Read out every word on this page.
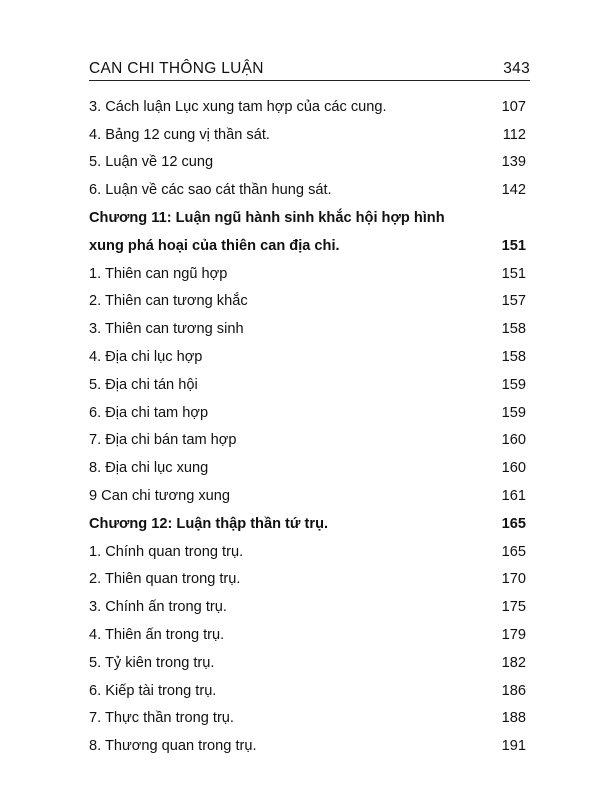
CAN CHI THÔNG LUẬN	343
3. Cách luận Lục xung tam hợp của các cung.	107
4. Bảng 12 cung vị thần sát.	112
5. Luận về 12 cung	139
6. Luận về các sao cát thần hung sát.	142
Chương 11: Luận ngũ hành sinh khắc hội hợp hình
xung phá hoại của thiên can địa chi.	151
1. Thiên can ngũ hợp	151
2. Thiên can tương khắc	157
3. Thiên can tương sinh	158
4. Địa chi lục hợp	158
5. Địa chi tán hội	159
6. Địa chi tam hợp	159
7. Địa chi bán tam hợp	160
8. Địa chi lục xung	160
9 Can chi tương xung	161
Chương 12: Luận thập thần tứ trụ.	165
1. Chính quan trong trụ.	165
2. Thiên quan trong trụ.	170
3. Chính ấn trong trụ.	175
4. Thiên ấn trong trụ.	179
5. Tỷ kiên trong trụ.	182
6. Kiếp tài trong trụ.	186
7. Thực thần trong trụ.	188
8. Thương quan trong trụ.	191
